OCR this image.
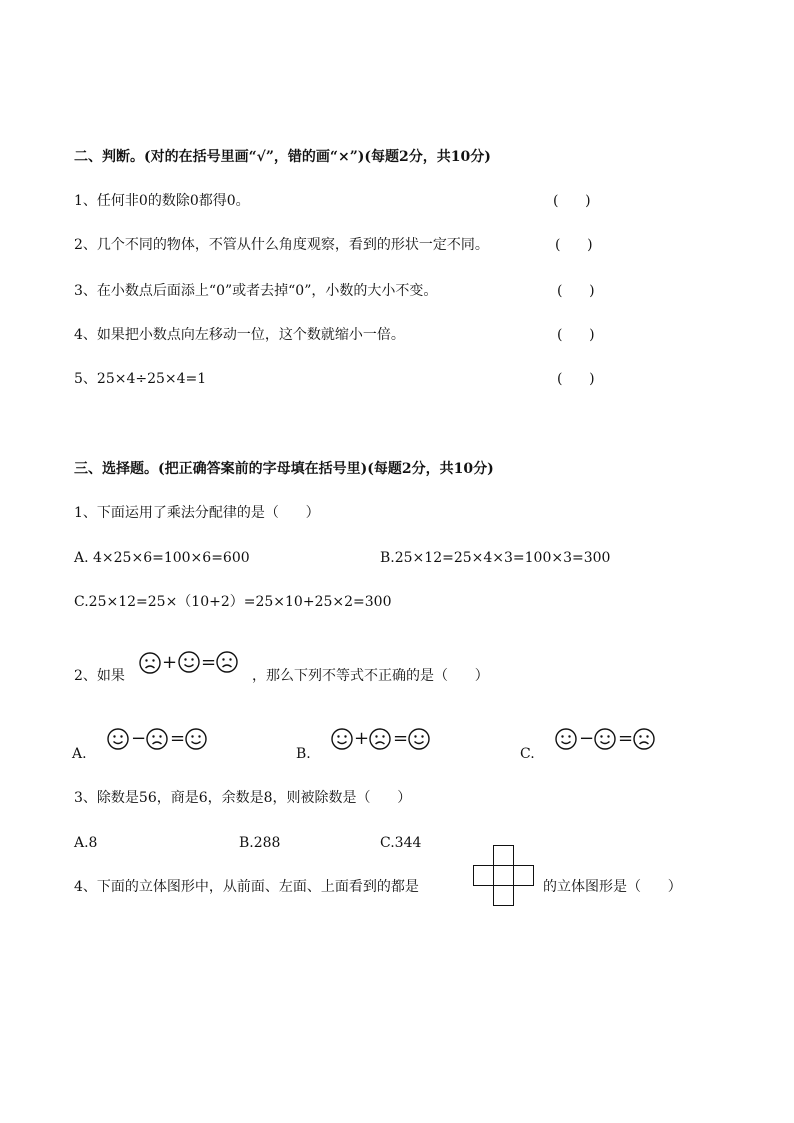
二、判断。(对的在括号里画“√”，错的画“×”)(每题2分，共10分)
1、任何非0的数除0都得0。	(      )
2、几个不同的物体，不管从什么角度观察，看到的形状一定不同。	(      )
3、在小数点后面添上“0”或者去掉“0”，小数的大小不变。	(      )
4、如果把小数点向左移动一位，这个数就缩小一倍。	(      )
5、25×4÷25×4=1	(      )
三、选择题。(把正确答案前的字母填在括号里)(每题2分，共10分)
1、下面运用了乘法分配律的是（      ）
A. 4×25×6=100×6=600	B.25×12=25×4×3=100×3=300
C.25×12=25×（10+2）=25×10+25×2=300
2、如果
+ =
，那么下列不等式不正确的是（      ）
A.
− =
B.
+ =
C.
− =
3、除数是56，商是6，余数是8，则被除数是（      ）
A.8	B.288	C.344
4、下面的立体图形中，从前面、左面、上面看到的都是	的立体图形是（      ）
